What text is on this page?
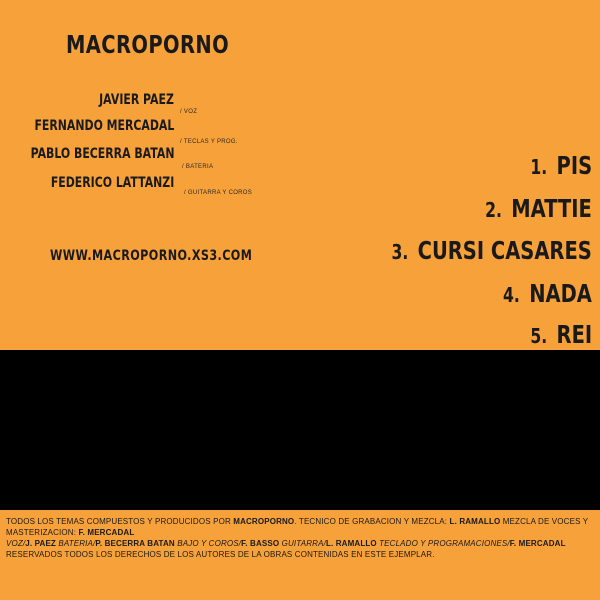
MACROPORNO
JAVIER PAEZ
/ VOZ
FERNANDO MERCADAL
/ TECLAS Y PROG.
PABLO BECERRA BATAN
/ BATERIA
FEDERICO LATTANZI
/ GUITARRA Y COROS
WWW.MACROPORNO.XS3.COM
1. PIS
2. MATTIE
3. CURSI CASARES
4. NADA
5. REI

TODOS LOS TEMAS COMPUESTOS Y PRODUCIDOS POR MACROPORNO. TECNICO DE GRABACION Y MEZCLA: L. RAMALLO MEZCLA DE VOCES Y MASTERIZACION: F. MERCADAL

VOZ/J. PAEZ BATERIA/P. BECERRA BATAN BAJO Y COROS/F. BASSO GUITARRA/L. RAMALLO TECLADO Y PROGRAMACIONES/F. MERCADAL

RESERVADOS TODOS LOS DERECHOS DE LOS AUTORES DE LA OBRAS CONTENIDAS EN ESTE EJEMPLAR.
